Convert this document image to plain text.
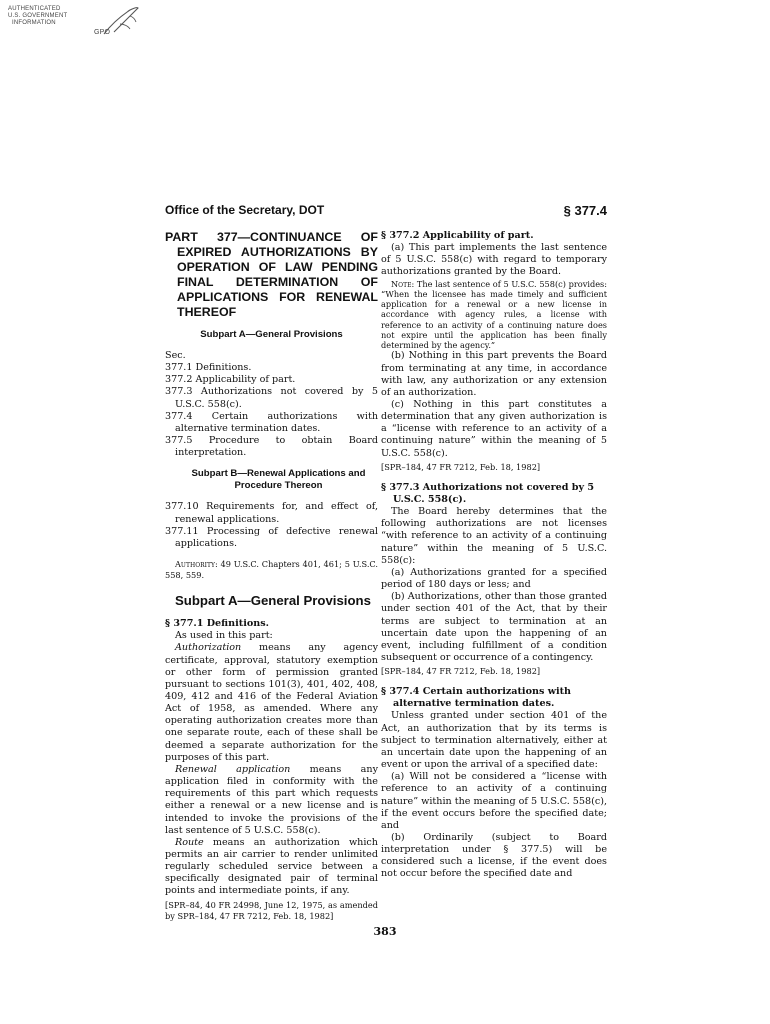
AUTHENTICATED
U.S. GOVERNMENT
INFORMATION
GPO
Office of the Secretary, DOT	§ 377.4

PART 377—CONTINUANCE OF EXPIRED AUTHORIZATIONS BY OPERATION OF LAW PENDING FINAL DETERMINATION OF APPLICATIONS FOR RENEWAL THEREOF

Subpart A—General Provisions

Sec.

377.1 Definitions.

377.2 Applicability of part.

377.3 Authorizations not covered by 5 U.S.C. 558(c).

377.4 Certain authorizations with alternative termination dates.

377.5 Procedure to obtain Board interpretation.

Subpart B—Renewal Applications and Procedure Thereon

377.10 Requirements for, and effect of, renewal applications.

377.11 Processing of defective renewal applications.

Authority: 49 U.S.C. Chapters 401, 461; 5 U.S.C. 558, 559.

Subpart A—General Provisions

§ 377.1 Definitions.

As used in this part:

Authorization means any agency certificate, approval, statutory exemption or other form of permission granted pursuant to sections 101(3), 401, 402, 408, 409, 412 and 416 of the Federal Aviation Act of 1958, as amended. Where any operating authorization creates more than one separate route, each of these shall be deemed a separate authorization for the purposes of this part.

Renewal application means any application filed in conformity with the requirements of this part which requests either a renewal or a new license and is intended to invoke the provisions of the last sentence of 5 U.S.C. 558(c).

Route means an authorization which permits an air carrier to render unlimited regularly scheduled service between a specifically designated pair of terminal points and intermediate points, if any.

[SPR–84, 40 FR 24998, June 12, 1975, as amended by SPR–184, 47 FR 7212, Feb. 18, 1982]

§ 377.2 Applicability of part.

(a) This part implements the last sentence of 5 U.S.C. 558(c) with regard to temporary authorizations granted by the Board.

Note: The last sentence of 5 U.S.C. 558(c) provides: “When the licensee has made timely and sufficient application for a renewal or a new license in accordance with agency rules, a license with reference to an activity of a continuing nature does not expire until the application has been finally determined by the agency.”

(b) Nothing in this part prevents the Board from terminating at any time, in accordance with law, any authorization or any extension of an authorization.

(c) Nothing in this part constitutes a determination that any given authorization is a “license with reference to an activity of a continuing nature” within the meaning of 5 U.S.C. 558(c).

[SPR–184, 47 FR 7212, Feb. 18, 1982]

§ 377.3 Authorizations not covered by 5 U.S.C. 558(c).

The Board hereby determines that the following authorizations are not licenses “with reference to an activity of a continuing nature” within the meaning of 5 U.S.C. 558(c):

(a) Authorizations granted for a specified period of 180 days or less; and

(b) Authorizations, other than those granted under section 401 of the Act, that by their terms are subject to termination at an uncertain date upon the happening of an event, including fulfillment of a condition subsequent or occurrence of a contingency.

[SPR–184, 47 FR 7212, Feb. 18, 1982]

§ 377.4 Certain authorizations with alternative termination dates.

Unless granted under section 401 of the Act, an authorization that by its terms is subject to termination alternatively, either at an uncertain date upon the happening of an event or upon the arrival of a specified date:

(a) Will not be considered a “license with reference to an activity of a continuing nature” within the meaning of 5 U.S.C. 558(c), if the event occurs before the specified date; and

(b) Ordinarily (subject to Board interpretation under § 377.5) will be considered such a license, if the event does not occur before the specified date and

383
